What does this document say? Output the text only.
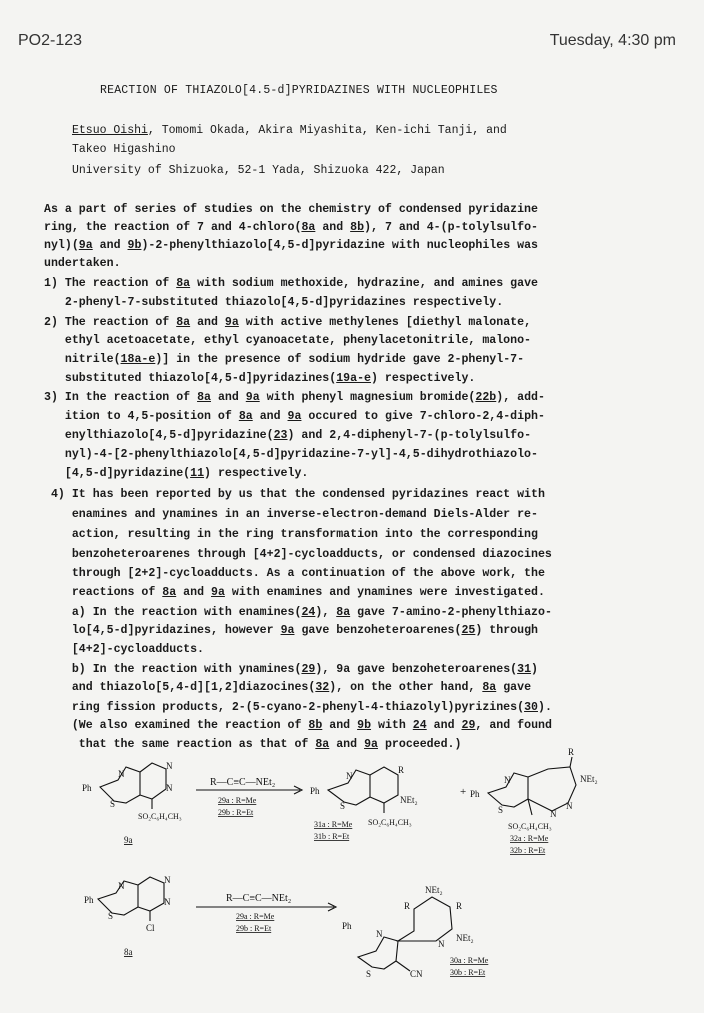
PO2-123	Tuesday, 4:30 pm
REACTION OF THIAZOLO[4.5-d]PYRIDAZINES WITH NUCLEOPHILES
Etsuo Oishi, Tomomi Okada, Akira Miyashita, Ken-ichi Tanji, and
Takeo Higashino
University of Shizuoka, 52-1 Yada, Shizuoka 422, Japan
As a part of series of studies on the chemistry of condensed pyridazine
ring, the reaction of 7 and 4-chloro(8a and 8b), 7 and 4-(p-tolylsulfo-
nyl)(9a and 9b)-2-phenylthiazolo[4,5-d]pyridazine with nucleophiles was
undertaken.
1) The reaction of 8a with sodium methoxide, hydrazine, and amines gave
2-phenyl-7-substituted thiazolo[4,5-d]pyridazines respectively.
2) The reaction of 8a and 9a with active methylenes [diethyl malonate,
ethyl acetoacetate, ethyl cyanoacetate, phenylacetonitrile, malono-
nitrile(18a-e)] in the presence of sodium hydride gave 2-phenyl-7-
substituted thiazolo[4,5-d]pyridazines(19a-e) respectively.
3) In the reaction of 8a and 9a with phenyl magnesium bromide(22b), add-
ition to 4,5-position of 8a and 9a occured to give 7-chloro-2,4-diph-
enylthiazolo[4,5-d]pyridazine(23) and 2,4-diphenyl-7-(p-tolylsulfo-
nyl)-4-[2-phenylthiazolo[4,5-d]pyridazine-7-yl]-4,5-dihydrothiazolo-
[4,5-d]pyridazine(11) respectively.
4) It has been reported by us that the condensed pyridazines react with
enamines and ynamines in an inverse-electron-demand Diels-Alder re-
action, resulting in the ring transformation into the corresponding
benzoheteroarenes through [4+2]-cycloadducts, or condensed diazocines
through [2+2]-cycloadducts. As a continuation of the above work, the
reactions of 8a and 9a with enamines and ynamines were investigated.
a) In the reaction with enamines(24), 8a gave 7-amino-2-phenylthiazo-
lo[4,5-d]pyridazines, however 9a gave benzoheteroarenes(25) through
[4+2]-cycloadducts.
b) In the reaction with ynamines(29), 9a gave benzoheteroarenes(31)
and thiazolo[5,4-d][1,2]diazocines(32), on the other hand, 8a gave
ring fission products, 2-(5-cyano-2-phenyl-4-thiazolyl)pyrizines(30).
(We also examined the reaction of 8b and 9b with 24 and 29, and found
that the same reaction as that of 8a and 9a proceeded.)
Ph
N
S
N
N
SO₂C₆H₄CH₃
9a
R—C≡C—NEt₂
29a : R=Me
29b : R=Et
Ph
N
S
R
NEt₂
SO₂C₆H₄CH₃
31a : R=Me
31b : R=Et
+ Ph
N
S
R
NEt₂
N
N
SO₂C₆H₄CH₃
32a : R=Me
32b : R=Et
Ph
N
S
N
N
Cl
8a
R—C≡C—NEt₂
29a : R=Me
29b : R=Et	Ph
N
S	CN
R
NEt₂
R
N
NEt₂
30a : R=Me
30b : R=Et
